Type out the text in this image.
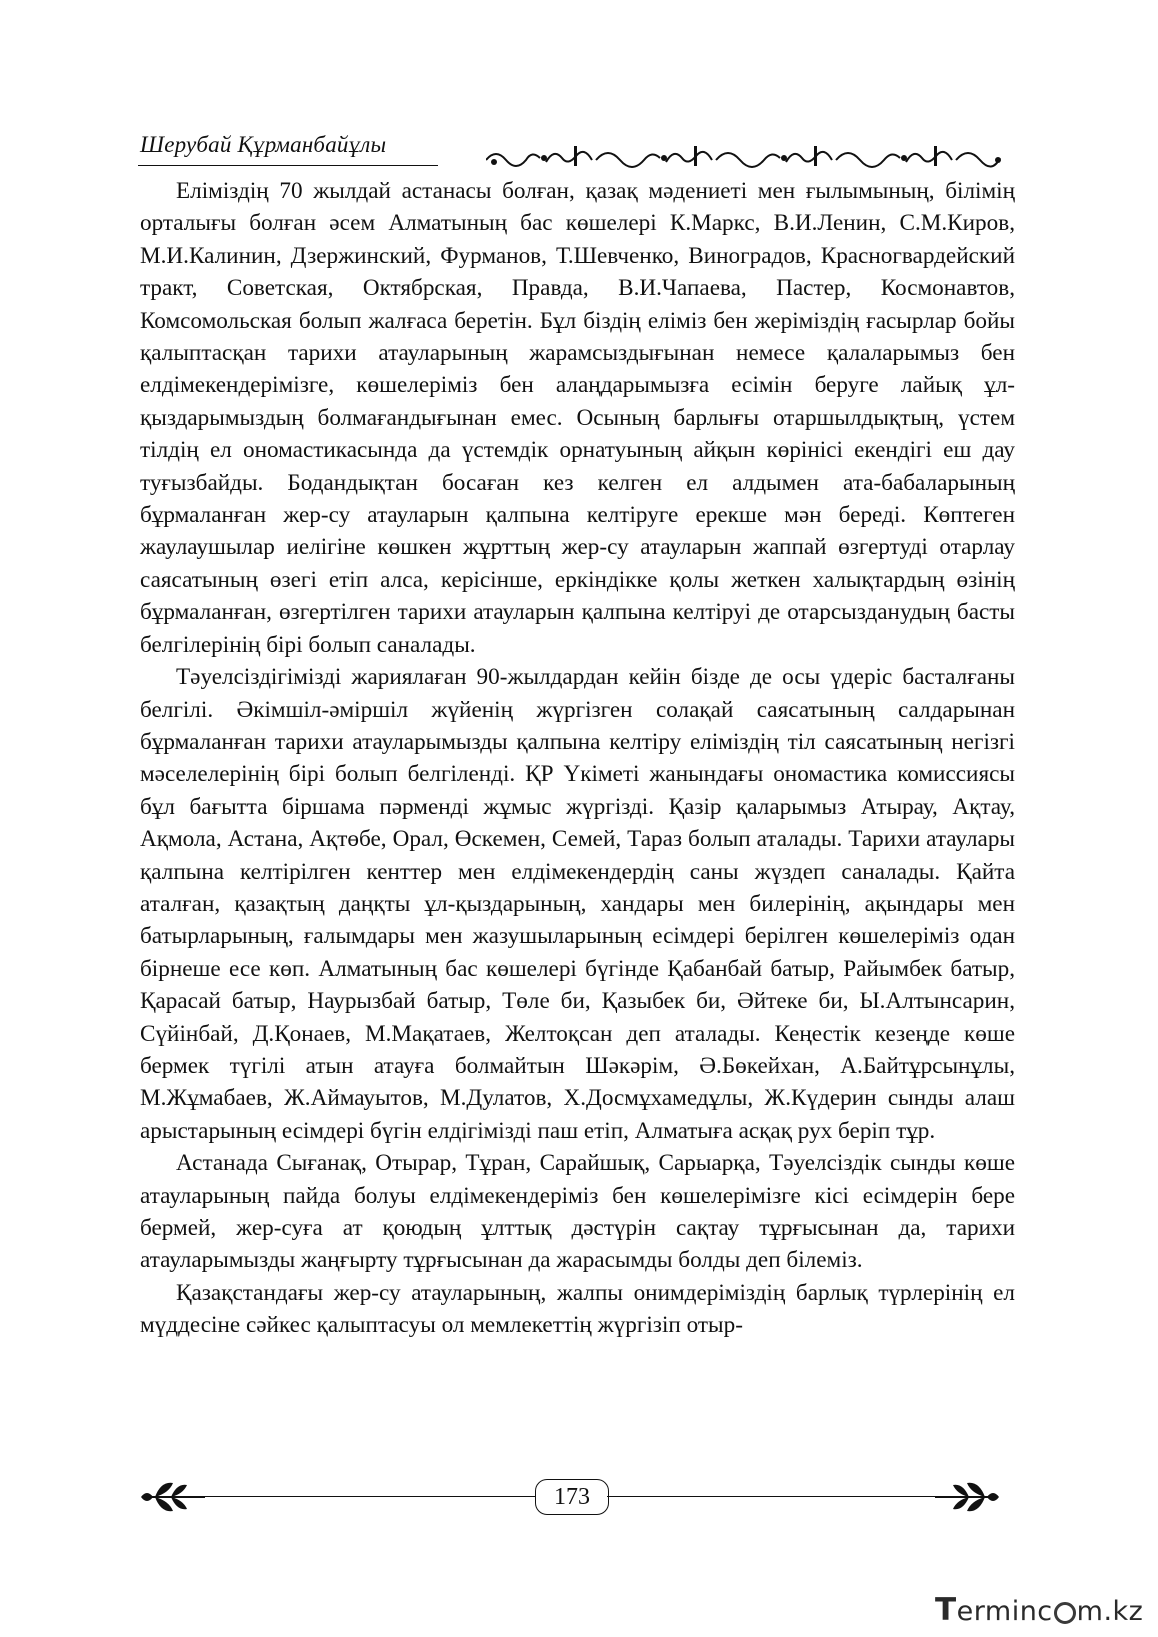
Шерубай Құрманбайұлы

Еліміздің 70 жылдай астанасы болған, қазақ мәдениеті мен ғылымының, білімің орталығы болған әсем Алматының бас көшелері К.Маркс, В.И.Ленин, С.М.Киров, М.И.Калинин, Дзержинский, Фурманов, Т.Шевченко, Виноградов, Красногвардейский тракт, Советская, Октябрская, Правда, В.И.Чапаева, Пастер, Космонавтов, Комсомольская болып жалғаса беретін. Бұл біздің еліміз бен жеріміздің ғасырлар бойы қалыптасқан тарихи атауларының жарамсыздығынан немесе қалаларымыз бен елдімекендерімізге, көшелеріміз бен алаңдарымызға есімін беруге лайық ұл-қыздарымыздың болмағандығынан емес. Осының барлығы отаршылдықтың, үстем тілдің ел ономастикасында да үстемдік орнатуының айқын көрінісі екендігі еш дау туғызбайды. Бодандықтан босаған кез келген ел алдымен ата-бабаларының бұрмаланған жер-су атауларын қалпына келтіруге ерекше мән береді. Көптеген жаулаушылар иелігіне көшкен жұрттың жер-су атауларын жаппай өзгертуді отарлау саясатының өзегі етіп алса, керісінше, еркіндікке қолы жеткен халықтардың өзінің бұрмаланған, өзгертілген тарихи атауларын қалпына келтіруі де отарсызданудың басты белгілерінің бірі болып саналады.

Тәуелсіздігімізді жариялаған 90-жылдардан кейін бізде де осы үдеріс басталғаны белгілі. Әкімшіл-әміршіл жүйенің жүргізген солақай саясатының салдарынан бұрмаланған тарихи атауларымызды қалпына келтіру еліміздің тіл саясатының негізгі мәселелерінің бірі болып белгіленді. ҚР Үкіметі жанындағы ономастика комиссиясы бұл бағытта біршама пәрменді жұмыс жүргізді. Қазір қаларымыз Атырау, Ақтау, Ақмола, Астана, Ақтөбе, Орал, Өскемен, Семей, Тараз болып аталады. Тарихи атаулары қалпына келтірілген кенттер мен елдімекендердің саны жүздеп саналады. Қайта аталған, қазақтың даңқты ұл-қыздарының, хандары мен билерінің, ақындары мен батырларының, ғалымдары мен жазушыларының есімдері берілген көшелеріміз одан бірнеше есе көп. Алматының бас көшелері бүгінде Қабанбай батыр, Райымбек батыр, Қарасай батыр, Наурызбай батыр, Төле би, Қазыбек би, Әйтеке би, Ы.Алтынсарин, Сүйінбай, Д.Қонаев, М.Мақатаев, Желтоқсан деп аталады. Кеңестік кезеңде көше бермек түгілі атын атауға болмайтын Шәкәрім, Ә.Бөкейхан, А.Байтұрсынұлы, М.Жұмабаев, Ж.Аймауытов, М.Дулатов, Х.Досмұхамедұлы, Ж.Күдерин сынды алаш арыстарының есімдері бүгін елдігімізді паш етіп, Алматыға асқақ рух беріп тұр.

Астанада Сығанақ, Отырар, Тұран, Сарайшық, Сарыарқа, Тәуелсіздік сынды көше атауларының пайда болуы елдімекендеріміз бен көшелерімізге кісі есімдерін бере бермей, жер-суға ат қоюдың ұлттық дәстүрін сақтау тұрғысынан да, тарихи атауларымызды жаңғырту тұрғысынан да жарасымды болды деп білеміз.

Қазақстандағы жер-су атауларының, жалпы онимдеріміздің барлық түрлерінің ел мүддесіне сәйкес қалыптасуы ол мемлекеттің жүргізіп отыр-

173
Terminc m.kz
